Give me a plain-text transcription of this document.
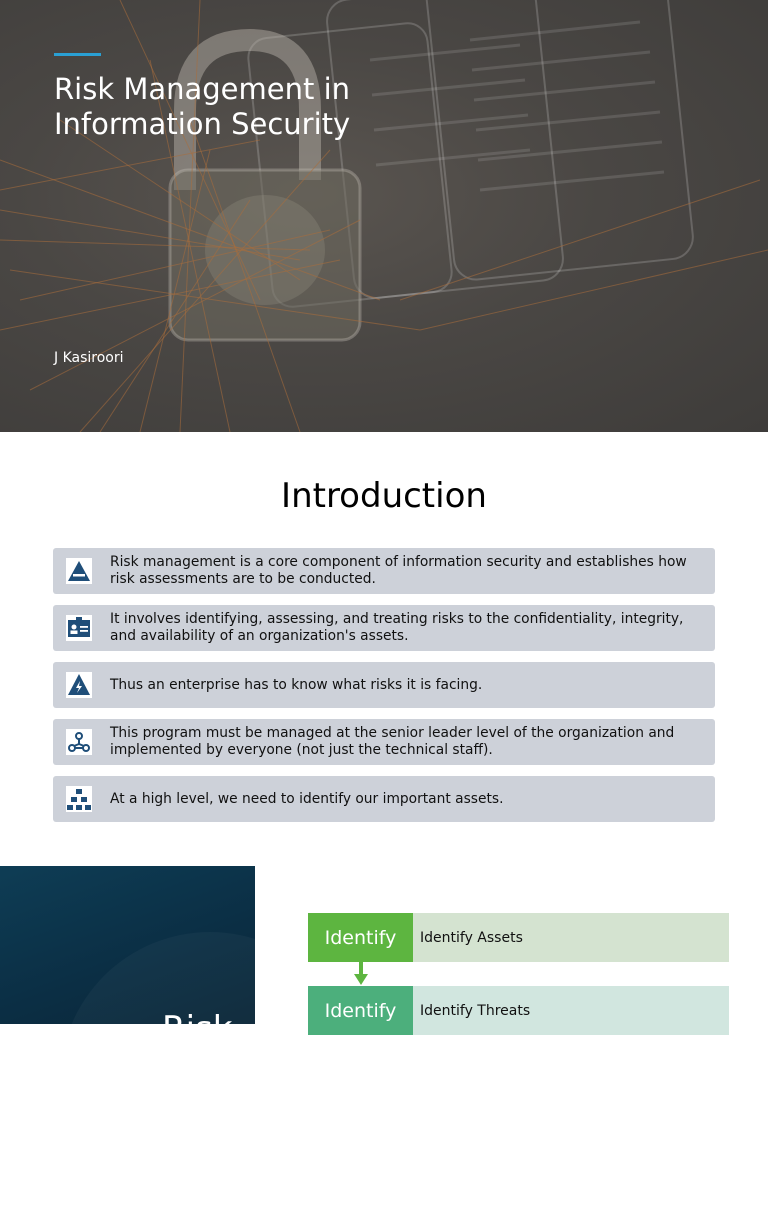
Risk Management in Information Security
J Kasiroori
Introduction
Risk management is a core component of information security and establishes how risk assessments are to be conducted.
It involves identifying, assessing, and treating risks to the confidentiality, integrity, and availability of an organization's assets.
Thus an enterprise has to know what risks it is facing.
This program must be managed at the senior leader level of the organization and implemented by everyone (not just the technical staff).
At a high level, we need to identify our important assets.
Risk
Identify	Identify Assets
Identify	Identify Threats
